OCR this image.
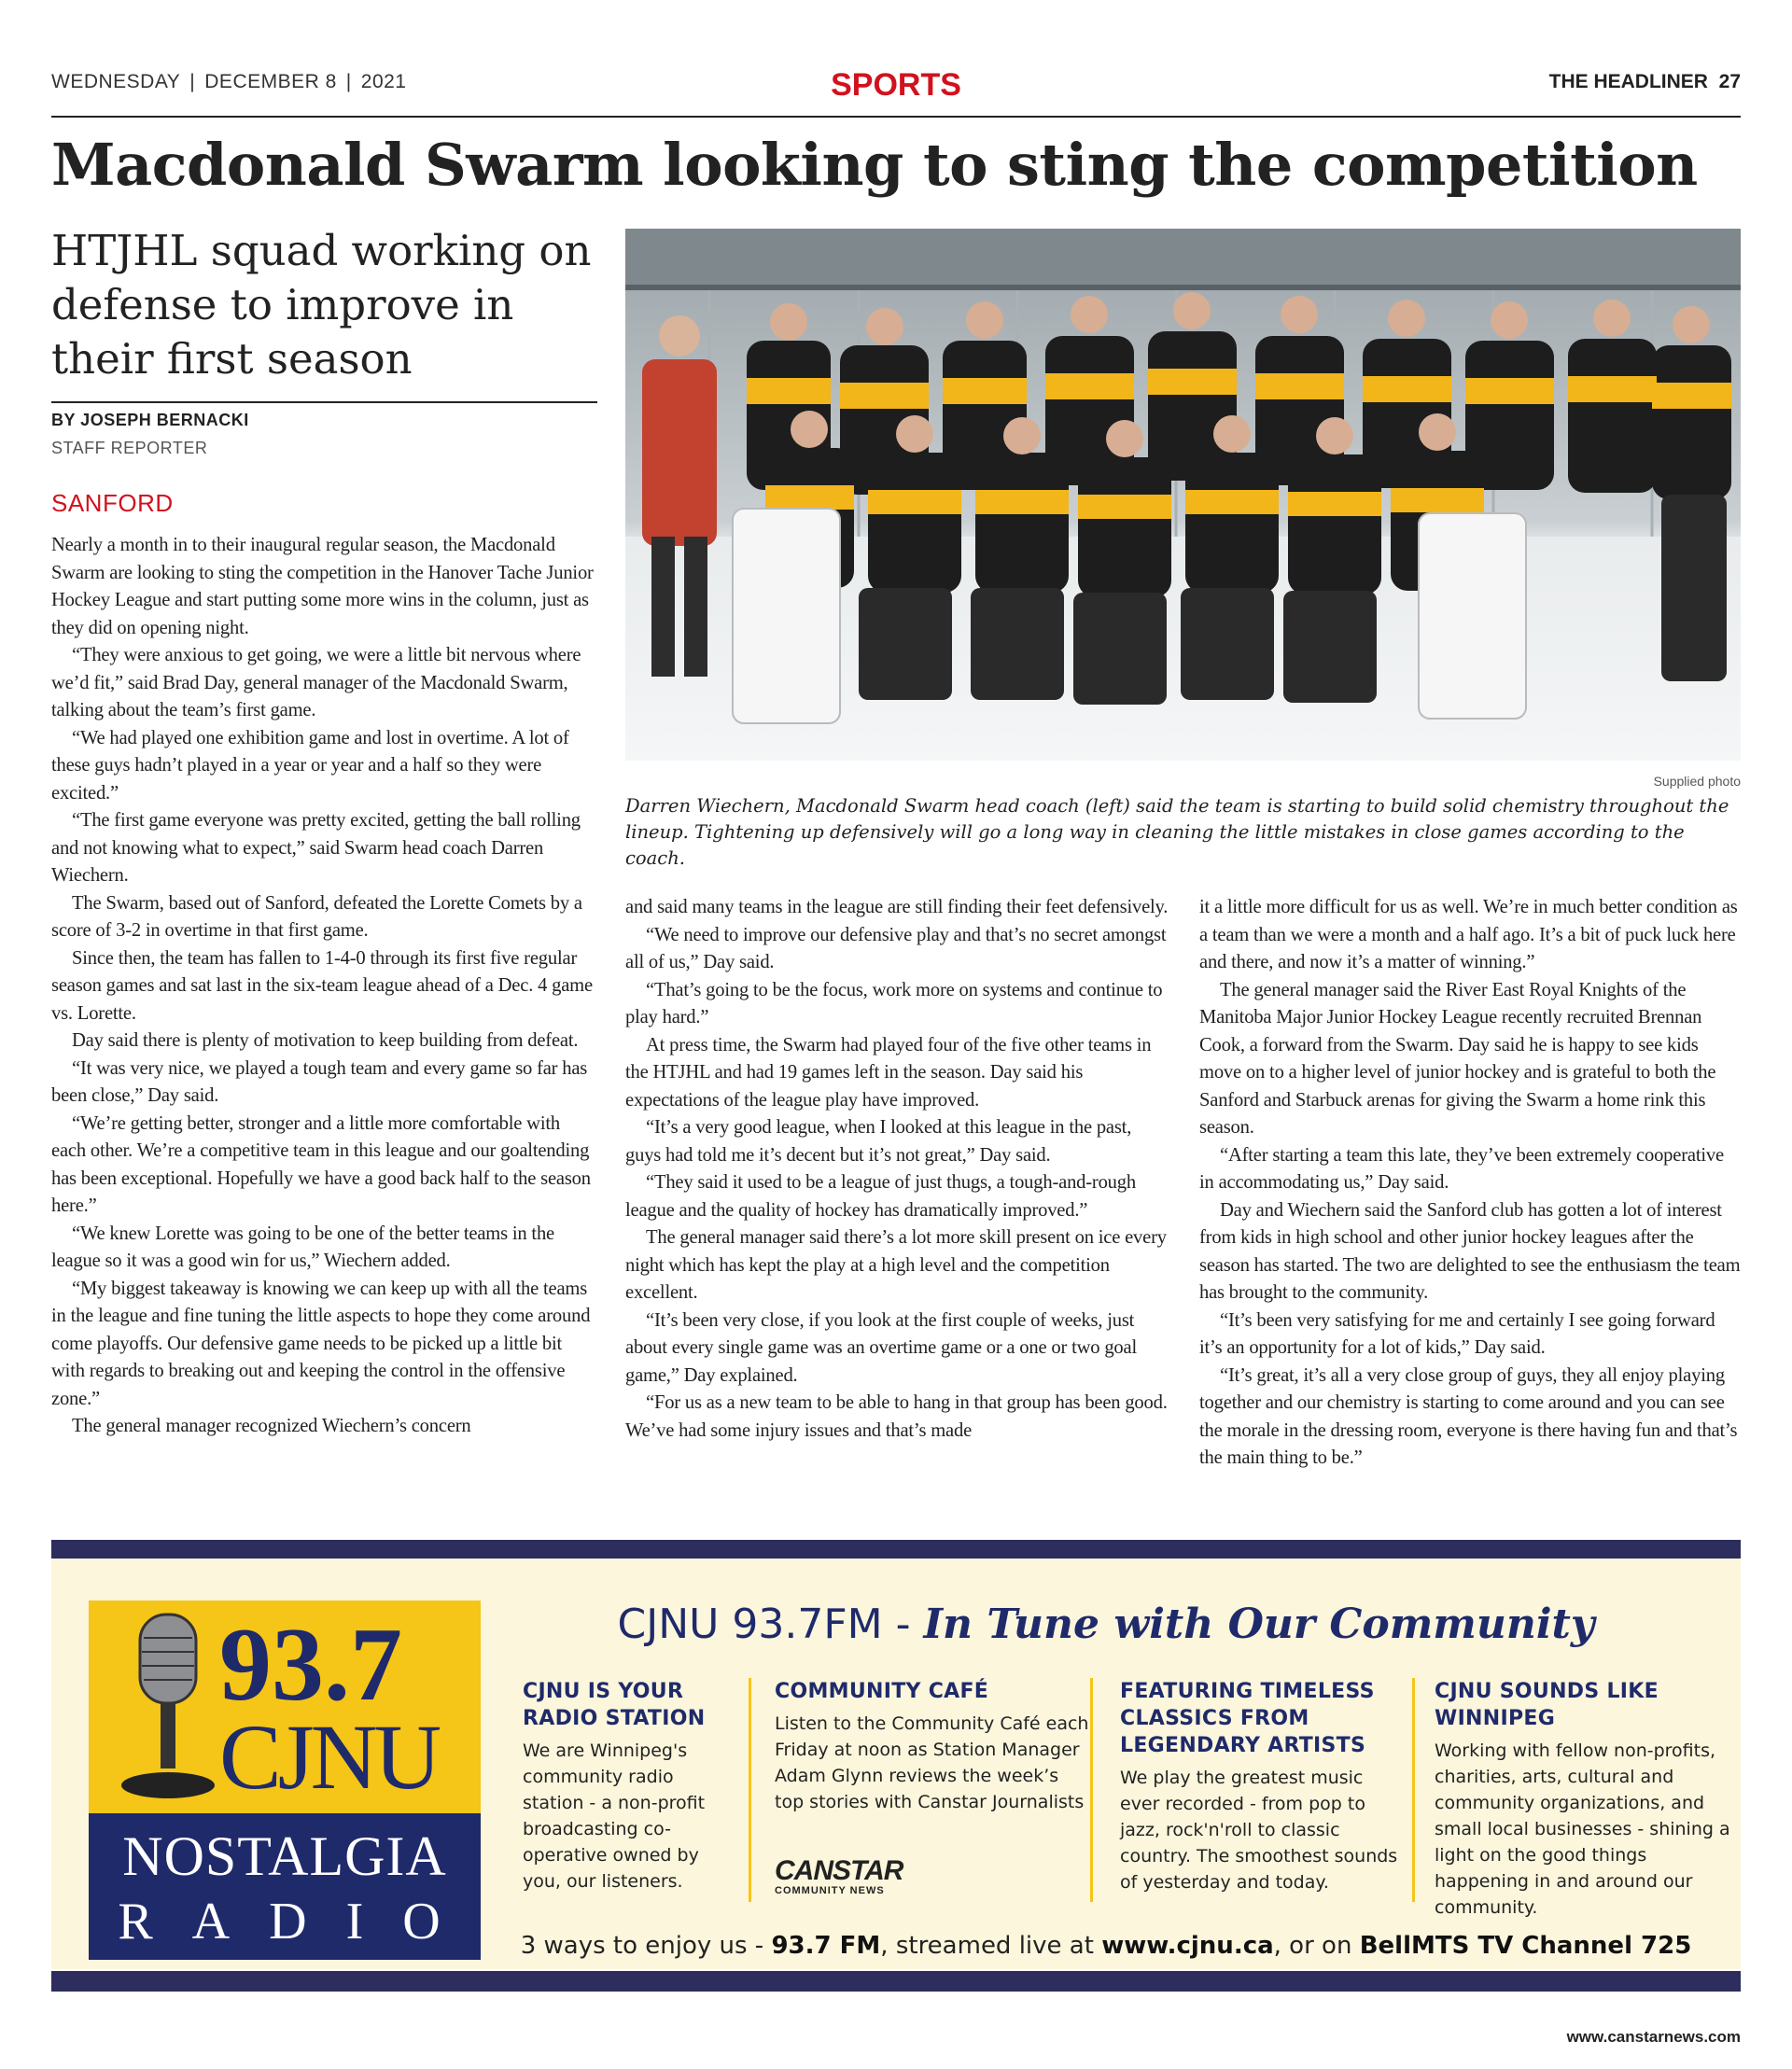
WEDNESDAY | DECEMBER 8 | 2021	SPORTS	THE HEADLINER 27
Macdonald Swarm looking to sting the competition
HTJHL squad working on defense to improve in their first season
BY JOSEPH BERNACKI
STAFF REPORTER
SANFORD
Supplied photo
Darren Wiechern, Macdonald Swarm head coach (left) said the team is starting to build solid chemistry throughout the lineup. Tightening up defensively will go a long way in cleaning the little mistakes in close games according to the coach.

Nearly a month in to their inaugural regular season, the Macdonald Swarm are looking to sting the competition in the Hanover Tache Junior Hockey League and start putting some more wins in the column, just as they did on opening night.

“They were anxious to get going, we were a little bit nervous where we’d fit,” said Brad Day, general manager of the Macdonald Swarm, talking about the team’s first game.

“We had played one exhibition game and lost in overtime. A lot of these guys hadn’t played in a year or year and a half so they were excited.”

“The first game everyone was pretty excited, getting the ball rolling and not knowing what to expect,” said Swarm head coach Darren Wiechern.

The Swarm, based out of Sanford, defeated the Lorette Comets by a score of 3-2 in overtime in that first game.

Since then, the team has fallen to 1-4-0 through its first five regular season games and sat last in the six-team league ahead of a Dec. 4 game vs. Lorette.

Day said there is plenty of motivation to keep building from defeat.

“It was very nice, we played a tough team and every game so far has been close,” Day said.

“We’re getting better, stronger and a little more comfortable with each other. We’re a competitive team in this league and our goaltending has been exceptional. Hopefully we have a good back half to the season here.”

“We knew Lorette was going to be one of the better teams in the league so it was a good win for us,” Wiechern added.

“My biggest takeaway is knowing we can keep up with all the teams in the league and fine tuning the little aspects to hope they come around come playoffs. Our defensive game needs to be picked up a little bit with regards to breaking out and keeping the control in the offensive zone.”

The general manager recognized Wiechern’s concern

and said many teams in the league are still finding their feet defensively.

“We need to improve our defensive play and that’s no secret amongst all of us,” Day said.

“That’s going to be the focus, work more on systems and continue to play hard.”

At press time, the Swarm had played four of the five other teams in the HTJHL and had 19 games left in the season. Day said his expectations of the league play have improved.

“It’s a very good league, when I looked at this league in the past, guys had told me it’s decent but it’s not great,” Day said.

“They said it used to be a league of just thugs, a tough-and-rough league and the quality of hockey has dramatically improved.”

The general manager said there’s a lot more skill present on ice every night which has kept the play at a high level and the competition excellent.

“It’s been very close, if you look at the first couple of weeks, just about every single game was an overtime game or a one or two goal game,” Day explained.

“For us as a new team to be able to hang in that group has been good. We’ve had some injury issues and that’s made

it a little more difficult for us as well. We’re in much better condition as a team than we were a month and a half ago. It’s a bit of puck luck here and there, and now it’s a matter of winning.”

The general manager said the River East Royal Knights of the Manitoba Major Junior Hockey League recently recruited Brennan Cook, a forward from the Swarm. Day said he is happy to see kids move on to a higher level of junior hockey and is grateful to both the Sanford and Starbuck arenas for giving the Swarm a home rink this season.

“After starting a team this late, they’ve been extremely cooperative in accommodating us,” Day said.

Day and Wiechern said the Sanford club has gotten a lot of interest from kids in high school and other junior hockey leagues after the season has started. The two are delighted to see the enthusiasm the team has brought to the community.

“It’s been very satisfying for me and certainly I see going forward it’s an opportunity for a lot of kids,” Day said.

“It’s great, it’s all a very close group of guys, they all enjoy playing together and our chemistry is starting to come around and you can see the morale in the dressing room, everyone is there having fun and that’s the main thing to be.”

93.7
CJNU
NOSTALGIA
RADIO
CJNU 93.7FM - In Tune with Our Community
CJNU IS YOUR RADIO STATION
We are Winnipeg's community radio station - a non-profit broadcasting co-operative owned by you, our listeners.
COMMUNITY CAFÉ
Listen to the Community Café each Friday at noon as Station Manager Adam Glynn reviews the week’s top stories with Canstar Journalists
CANSTAR
COMMUNITY NEWS
FEATURING TIMELESS CLASSICS FROM LEGENDARY ARTISTS
We play the greatest music ever recorded - from pop to jazz, rock'n'roll to classic country. The smoothest sounds of yesterday and today.
CJNU SOUNDS LIKE WINNIPEG
Working with fellow non-profits, charities, arts, cultural and community organizations, and small local businesses - shining a light on the good things happening in and around our community.
3 ways to enjoy us - 93.7 FM, streamed live at www.cjnu.ca, or on BellMTS TV Channel 725
www.canstarnews.com
